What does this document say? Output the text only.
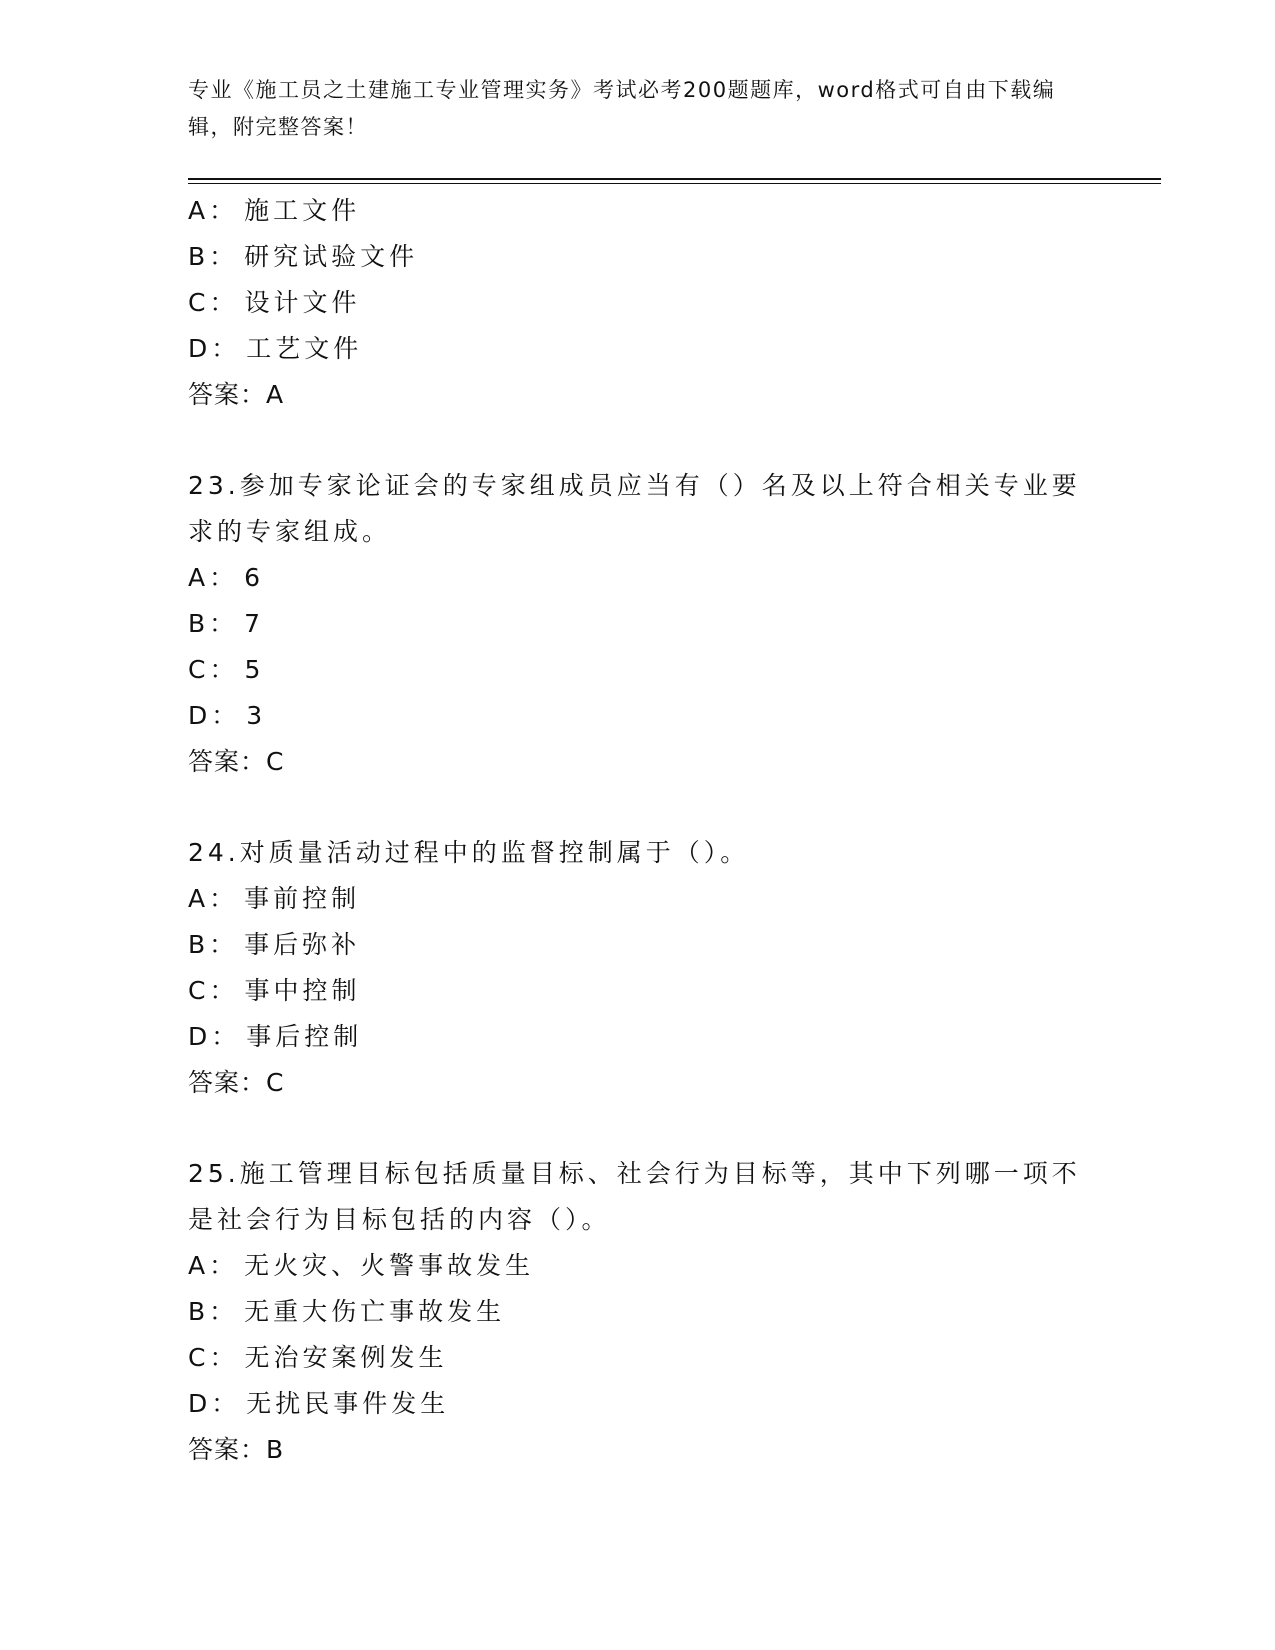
专业《施工员之土建施工专业管理实务》考试必考200题题库，word格式可自由下载编辑，附完整答案！
A： 施工文件
B： 研究试验文件
C： 设计文件
D： 工艺文件
答案：A
23.参加专家论证会的专家组成员应当有（）名及以上符合相关专业要求的专家组成。
A： 6
B： 7
C： 5
D： 3
答案：C
24.对质量活动过程中的监督控制属于（）。
A： 事前控制
B： 事后弥补
C： 事中控制
D： 事后控制
答案：C
25.施工管理目标包括质量目标、社会行为目标等，其中下列哪一项不是社会行为目标包括的内容（）。
A： 无火灾、火警事故发生
B： 无重大伤亡事故发生
C： 无治安案例发生
D： 无扰民事件发生
答案：B
